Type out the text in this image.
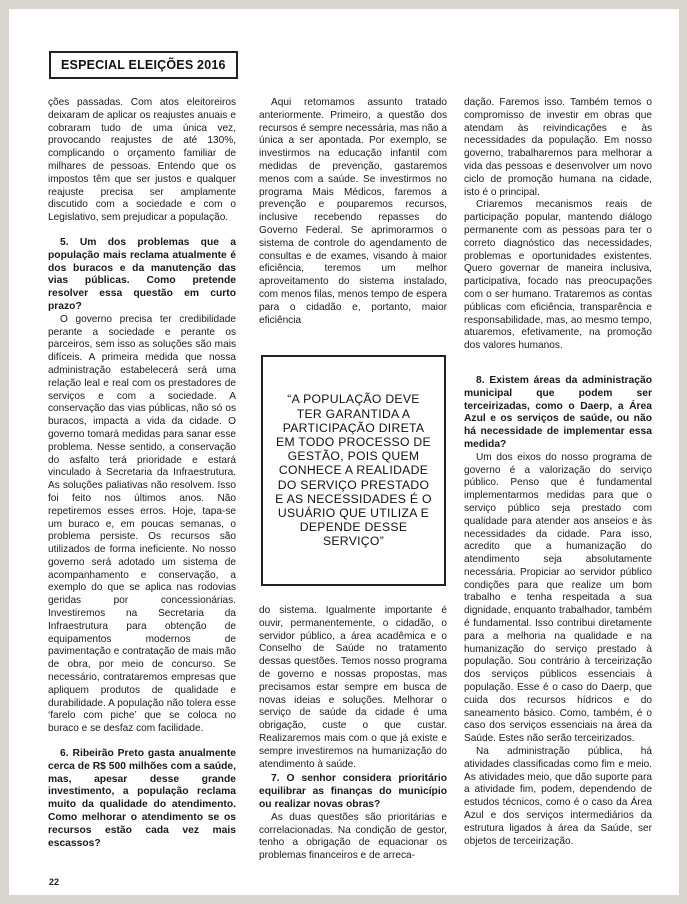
ESPECIAL ELEIÇÕES 2016

ções passadas. Com atos eleitoreiros deixaram de aplicar os reajustes anuais e cobraram tudo de uma única vez, provocando reajustes de até 130%, complicando o orçamento familiar de milhares de pessoas. Entendo que os impostos têm que ser justos e qualquer reajuste precisa ser amplamente discutido com a sociedade e com o Legislativo, sem prejudicar a população.

5. Um dos problemas que a população mais reclama atualmente é dos buracos e da manutenção das vias públicas. Como pretende resolver essa questão em curto prazo?

O governo precisa ter credibilidade perante a sociedade e perante os parceiros, sem isso as soluções são mais difíceis. A primeira medida que nossa administração estabelecerá será uma relação leal e real com os prestadores de serviços e com a sociedade. A conservação das vias públicas, não só os buracos, impacta a vida da cidade. O governo tomará medidas para sanar esse problema. Nesse sentido, a conservação do asfalto terá prioridade e estará vinculado à Secretaria da Infraestrutura. As soluções paliativas não resolvem. Isso foi feito nos últimos anos. Não repetiremos esses erros. Hoje, tapa-se um buraco e, em poucas semanas, o problema persiste. Os recursos são utilizados de forma ineficiente. No nosso governo será adotado um sistema de acompanhamento e conservação, a exemplo do que se aplica nas rodovias geridas por concessionárias. Investiremos na Secretaria da Infraestrutura para obtenção de equipamentos modernos de pavimentação e contratação de mais mão de obra, por meio de concurso. Se necessário, contrataremos empresas que apliquem produtos de qualidade e durabilidade. A população não tolera esse ‘farelo com piche’ que se coloca no buraco e se desfaz com facilidade.

6. Ribeirão Preto gasta anualmente cerca de R$ 500 milhões com a saúde, mas, apesar desse grande investimento, a população reclama muito da qualidade do atendimento. Como melhorar o atendimento se os recursos estão cada vez mais escassos?

Aqui retomamos assunto tratado anteriormente. Primeiro, a questão dos recursos é sempre necessária, mas não a única a ser apontada. Por exemplo, se investirmos na educação infantil com medidas de prevenção, gastaremos menos com a saúde. Se investirmos no programa Mais Médicos, faremos a prevenção e pouparemos recursos, inclusive recebendo repasses do Governo Federal. Se aprimorarmos o sistema de controle do agendamento de consultas e de exames, visando à maior eficiência, teremos um melhor aproveitamento do sistema instalado, com menos filas, menos tempo de espera para o cidadão e, portanto, maior eficiência

“A POPULAÇÃO DEVE TER GARANTIDA A PARTICIPAÇÃO DIRETA EM TODO PROCESSO DE GESTÃO, POIS QUEM CONHECE A REALIDADE DO SERVIÇO PRESTADO E AS NECESSIDADES É O USUÁRIO QUE UTILIZA E DEPENDE DESSE SERVIÇO”

do sistema. Igualmente importante é ouvir, permanentemente, o cidadão, o servidor público, a área acadêmica e o Conselho de Saúde no tratamento dessas questões. Temos nosso programa de governo e nossas propostas, mas precisamos estar sempre em busca de novas ideias e soluções. Melhorar o serviço de saúde da cidade é uma obrigação, custe o que custar. Realizaremos mais com o que já existe e sempre investiremos na humanização do atendimento à saúde.

7. O senhor considera prioritário equilibrar as finanças do município ou realizar novas obras?

As duas questões são prioritárias e correlacionadas. Na condição de gestor, tenho a obrigação de equacionar os problemas financeiros e de arreca-

dação. Faremos isso. Também temos o compromisso de investir em obras que atendam às reivindicações e às necessidades da população. Em nosso governo, trabalharemos para melhorar a vida das pessoas e desenvolver um novo ciclo de promoção humana na cidade, isto é o principal.

Criaremos mecanismos reais de participação popular, mantendo diálogo permanente com as pessoas para ter o correto diagnóstico das necessidades, problemas e oportunidades existentes. Quero governar de maneira inclusiva, participativa, focado nas preocupações com o ser humano. Trataremos as contas públicas com eficiência, transparência e responsabilidade, mas, ao mesmo tempo, atuaremos, efetivamente, na promoção dos valores humanos.

8. Existem áreas da administração municipal que podem ser terceirizadas, como o Daerp, a Área Azul e os serviços de saúde, ou não há necessidade de implementar essa medida?

Um dos eixos do nosso programa de governo é a valorização do serviço público. Penso que é fundamental implementarmos medidas para que o serviço público seja prestado com qualidade para atender aos anseios e às necessidades da cidade. Para isso, acredito que a humanização do atendimento seja absolutamente necessária. Propiciar ao servidor público condições para que realize um bom trabalho e tenha respeitada a sua dignidade, enquanto trabalhador, também é fundamental. Isso contribui diretamente para a melhoria na qualidade e na humanização do serviço prestado à população. Sou contrário à terceirização dos serviços públicos essenciais à população. Esse é o caso do Daerp, que cuida dos recursos hídricos e do saneamento básico. Como, também, é o caso dos serviços essenciais na área da Saúde. Estes não serão terceirizados.

Na administração pública, há atividades classificadas como fim e meio. As atividades meio, que dão suporte para a atividade fim, podem, dependendo de estudos técnicos, como é o caso da Área Azul e dos serviços intermediários da estrutura ligados à área da Saúde, ser objetos de terceirização.

22
